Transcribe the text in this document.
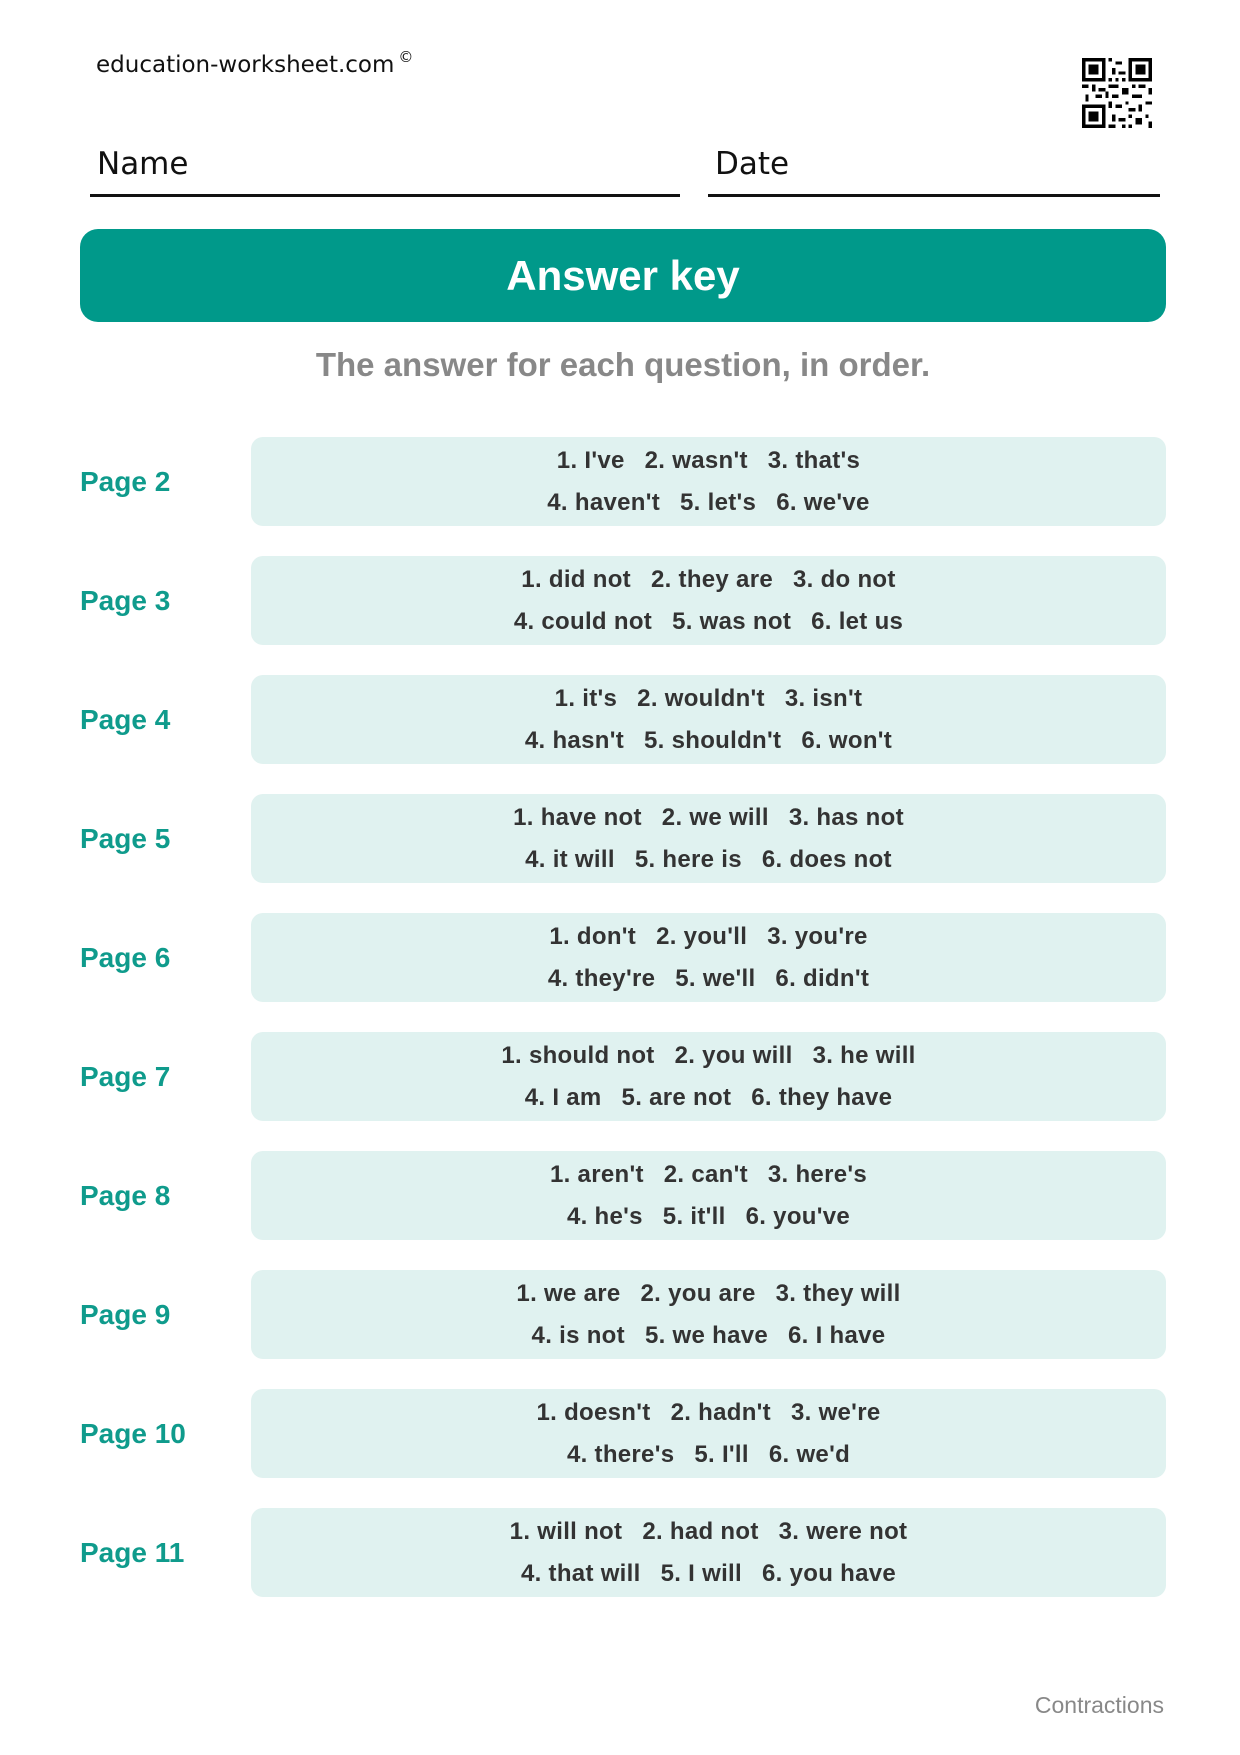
education-worksheet.com ©
Name	Date
Answer key
The answer for each question, in order.
Page 2
1. I've 2. wasn't 3. that's
4. haven't 5. let's 6. we've
Page 3
1. did not 2. they are 3. do not
4. could not 5. was not 6. let us
Page 4
1. it's 2. wouldn't 3. isn't
4. hasn't 5. shouldn't 6. won't
Page 5
1. have not 2. we will 3. has not
4. it will 5. here is 6. does not
Page 6
1. don't 2. you'll 3. you're
4. they're 5. we'll 6. didn't
Page 7
1. should not 2. you will 3. he will
4. I am 5. are not 6. they have
Page 8
1. aren't 2. can't 3. here's
4. he's 5. it'll 6. you've
Page 9
1. we are 2. you are 3. they will
4. is not 5. we have 6. I have
Page 10
1. doesn't 2. hadn't 3. we're
4. there's 5. I'll 6. we'd
Page 11
1. will not 2. had not 3. were not
4. that will 5. I will 6. you have
Contractions
